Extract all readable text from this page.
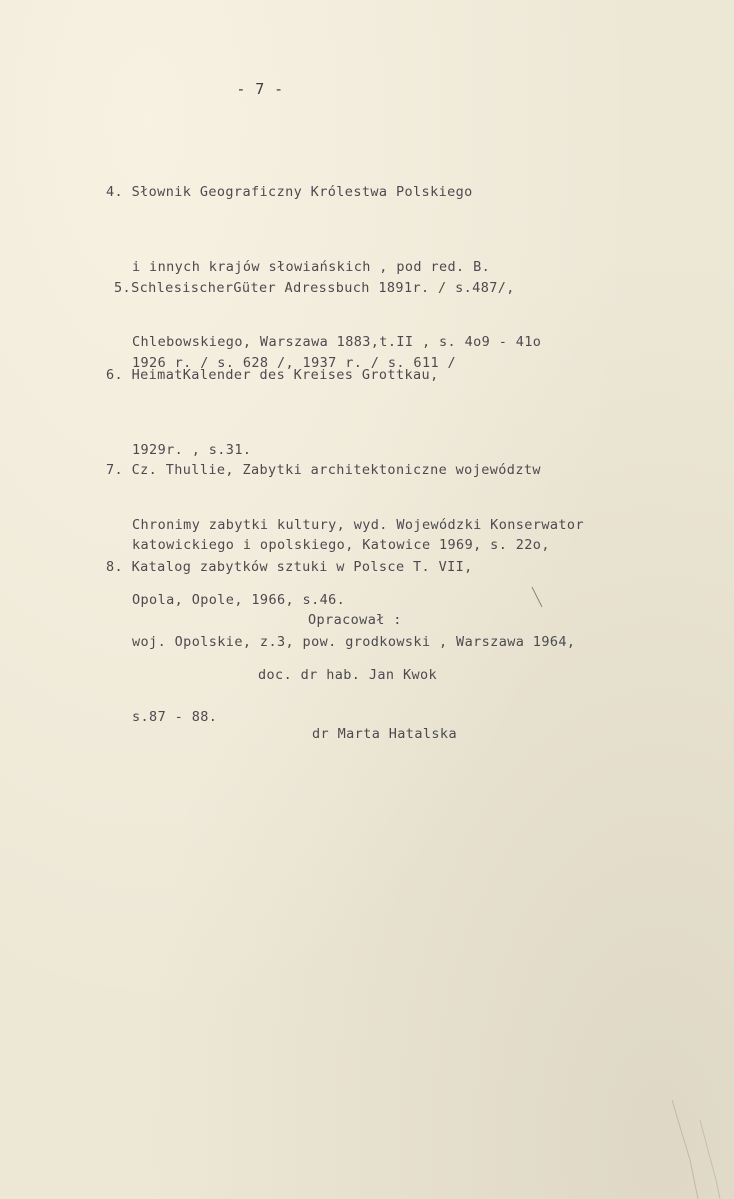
- 7 -

4. Słownik Geograficzny Królestwa Polskiego

i innych krajów słowiańskich , pod red. B.

Chlebowskiego, Warszawa 1883,t.II , s. 4o9 - 41o

5.SchlesischerGüter Adressbuch 1891r. / s.487/,

1926 r. / s. 628 /, 1937 r. / s. 611 /

6. HeimatKalender des Kreises Grottkau,

1929r. , s.31.

Chronimy zabytki kultury, wyd. Wojewódzki Konserwator

Opola, Opole, 1966, s.46.

7. Cz. Thullie, Zabytki architektoniczne województw

katowickiego i opolskiego, Katowice 1969, s. 22o,

8. Katalog zabytków sztuki w Polsce T. VII,

woj. Opolskie, z.3, pow. grodkowski , Warszawa 1964,

s.87 - 88.

Opracował :
doc. dr hab. Jan Kwok
dr Marta Hatalska
